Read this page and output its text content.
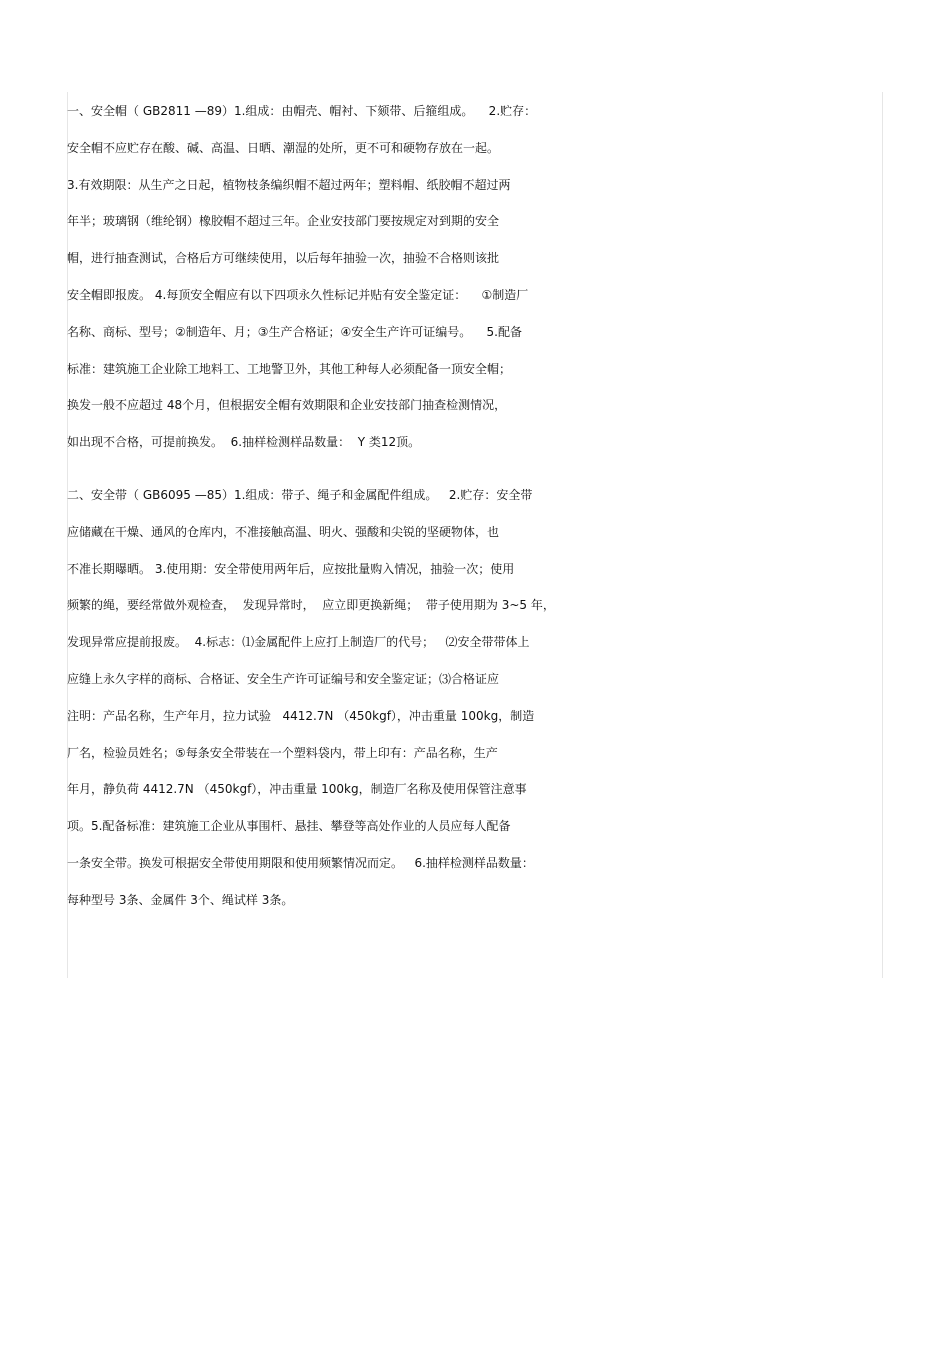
一、安全帽（ GB2811 —89）1.组成：由帽壳、帽衬、下颏带、后箍组成。    2.贮存：
安全帽不应贮存在酸、碱、高温、日晒、潮湿的处所，更不可和硬物存放在一起。
3.有效期限：从生产之日起，植物枝条编织帽不超过两年；塑料帽、纸胶帽不超过两
年半；玻璃钢（维纶钢）橡胶帽不超过三年。企业安技部门要按规定对到期的安全
帽，进行抽查测试，合格后方可继续使用，以后每年抽验一次，抽验不合格则该批
安全帽即报废。 4.每顶安全帽应有以下四项永久性标记并贴有安全鉴定证：    ①制造厂
名称、商标、型号；②制造年、月；③生产合格证；④安全生产许可证编号。    5.配备
标准：建筑施工企业除工地料工、工地警卫外，其他工种每人必须配备一顶安全帽；
换发一般不应超过 48个月，但根据安全帽有效期限和企业安技部门抽查检测情况，
如出现不合格，可提前换发。  6.抽样检测样品数量：  Y 类12顶。
二、安全带（ GB6095 —85）1.组成：带子、绳子和金属配件组成。   2.贮存：安全带
应储藏在干燥、通风的仓库内，不准接触高温、明火、强酸和尖锐的坚硬物体，也
不准长期曝晒。 3.使用期：安全带使用两年后，应按批量购入情况，抽验一次；使用
频繁的绳，要经常做外观检查，  发现异常时，  应立即更换新绳；  带子使用期为 3~5 年，
发现异常应提前报废。  4.标志：⑴金属配件上应打上制造厂的代号；   ⑵安全带带体上
应缝上永久字样的商标、合格证、安全生产许可证编号和安全鉴定证；⑶合格证应
注明：产品名称，生产年月，拉力试验   4412.7N （450kgf），冲击重量 100kg，制造
厂名，检验员姓名；⑤每条安全带装在一个塑料袋内，带上印有：产品名称，生产
年月，静负荷 4412.7N （450kgf），冲击重量 100kg，制造厂名称及使用保管注意事
项。5.配备标准：建筑施工企业从事围杆、悬挂、攀登等高处作业的人员应每人配备
一条安全带。换发可根据安全带使用期限和使用频繁情况而定。   6.抽样检测样品数量：
每种型号 3条、金属件 3个、绳试样 3条。
